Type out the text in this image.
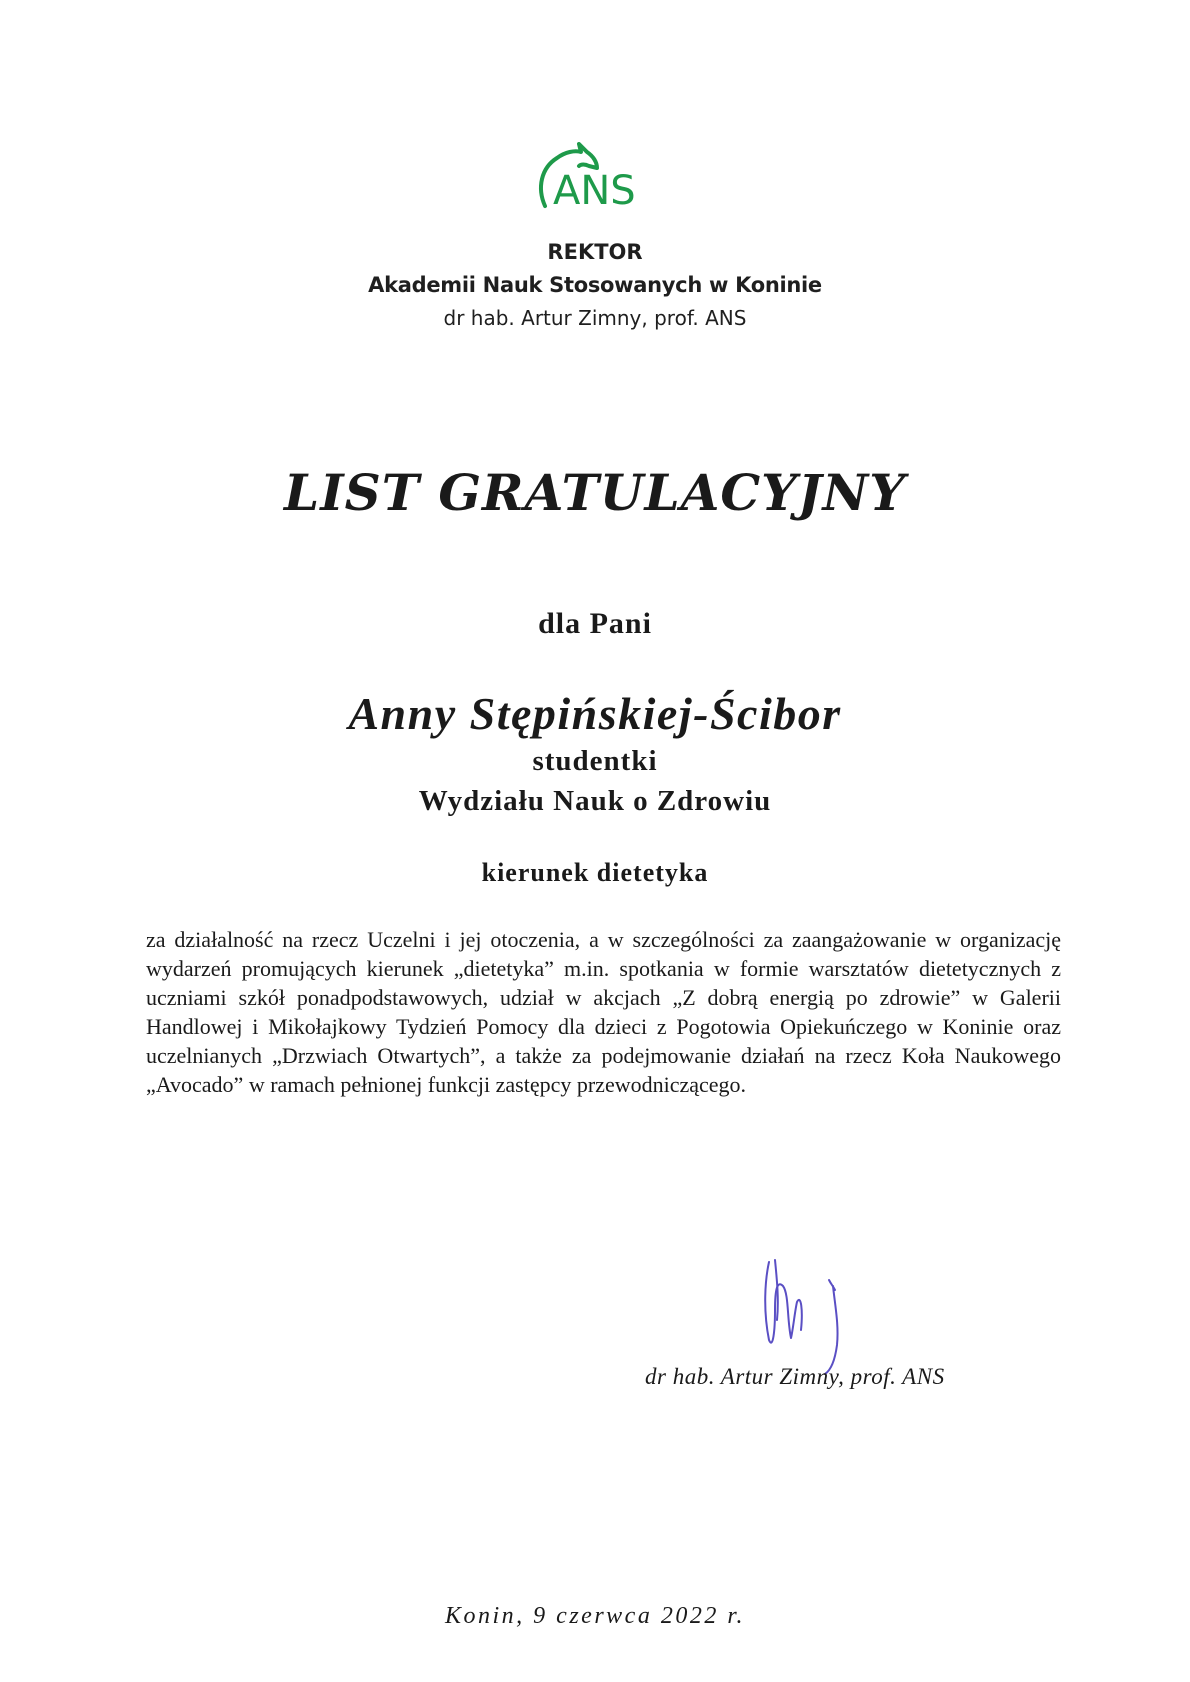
ANS
REKTOR
Akademii Nauk Stosowanych w Koninie
dr hab. Artur Zimny, prof. ANS
LIST GRATULACYJNY
dla Pani
Anny Stępińskiej-Ścibor
studentki
Wydziału Nauk o Zdrowiu
kierunek dietetyka
za działalność na rzecz Uczelni i jej otoczenia, a w szczególności za zaangażowanie w organizację wydarzeń promujących kierunek „dietetyka” m.in. spotkania w formie warsztatów dietetycznych z uczniami szkół ponadpodstawowych, udział w akcjach „Z dobrą energią po zdrowie” w Galerii Handlowej i Mikołajkowy Tydzień Pomocy dla dzieci z Pogotowia Opiekuńczego w Koninie oraz uczelnianych „Drzwiach Otwartych”, a także za podejmowanie działań na rzecz Koła Naukowego „Avocado” w ramach pełnionej funkcji zastępcy przewodniczącego.
dr hab. Artur Zimny, prof. ANS
Konin, 9 czerwca 2022 r.
